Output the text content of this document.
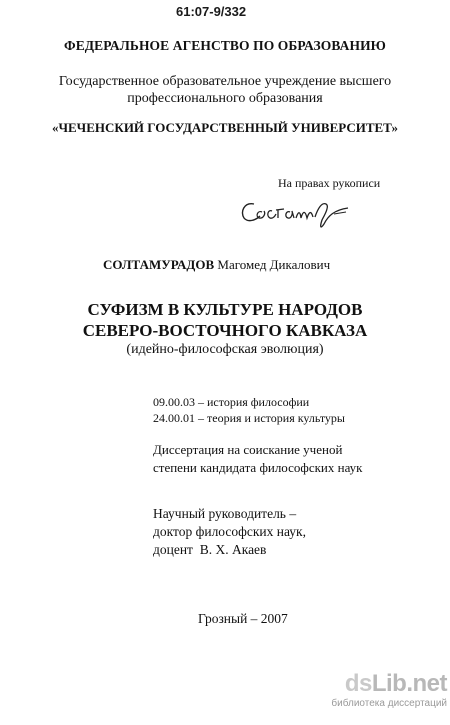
61:07-9/332
ФЕДЕРАЛЬНОЕ АГЕНСТВО ПО ОБРАЗОВАНИЮ
Государственное образовательное учреждение высшего
профессионального образования
«ЧЕЧЕНСКИЙ ГОСУДАРСТВЕННЫЙ УНИВЕРСИТЕТ»
На правах рукописи
СОЛТАМУРАДОВ Магомед Дикалович
СУФИЗМ В КУЛЬТУРЕ НАРОДОВ
СЕВЕРО-ВОСТОЧНОГО КАВКАЗА
(идейно-философская эволюция)
09.00.03 – история философии
24.00.01 – теория и история культуры
Диссертация на соискание ученой
степени кандидата философских наук
Научный руководитель –
доктор философских наук,
доцент  В. Х. Акаев
Грозный – 2007
dsLib.net
библиотека диссертаций
